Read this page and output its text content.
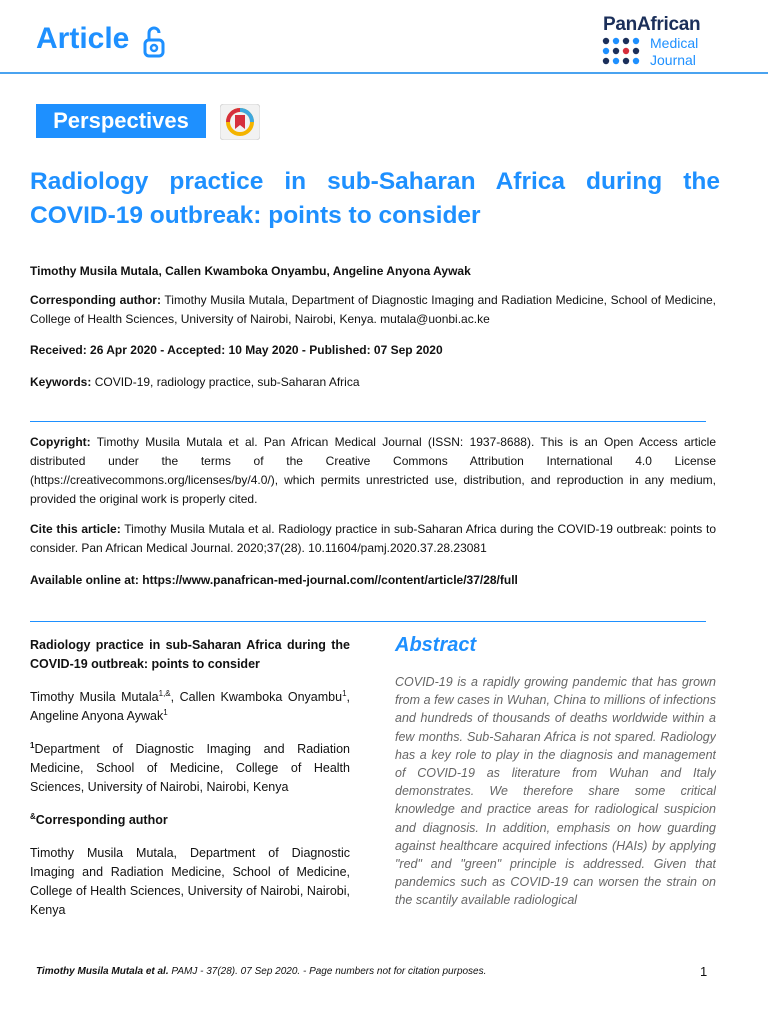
Article	PanAfrican
Medical
Journal
Perspectives
Radiology practice in sub-Saharan Africa during the COVID-19 outbreak: points to consider
Timothy Musila Mutala, Callen Kwamboka Onyambu, Angeline Anyona Aywak
Corresponding author: Timothy Musila Mutala, Department of Diagnostic Imaging and Radiation Medicine, School of Medicine, College of Health Sciences, University of Nairobi, Nairobi, Kenya. mutala@uonbi.ac.ke
Received: 26 Apr 2020 - Accepted: 10 May 2020 - Published: 07 Sep 2020
Keywords: COVID-19, radiology practice, sub-Saharan Africa
Copyright: Timothy Musila Mutala et al. Pan African Medical Journal (ISSN: 1937-8688). This is an Open Access article distributed under the terms of the Creative Commons Attribution International 4.0 License (https://creativecommons.org/licenses/by/4.0/), which permits unrestricted use, distribution, and reproduction in any medium, provided the original work is properly cited.
Cite this article: Timothy Musila Mutala et al. Radiology practice in sub-Saharan Africa during the COVID-19 outbreak: points to consider. Pan African Medical Journal. 2020;37(28). 10.11604/pamj.2020.37.28.23081
Available online at: https://www.panafrican-med-journal.com//content/article/37/28/full

Radiology practice in sub-Saharan Africa during the COVID-19 outbreak: points to consider

Timothy Musila Mutala$^{1,\&}$, Callen Kwamboka Onyambu$^1$, Angeline Anyona Aywak$^1$

$^1$Department of Diagnostic Imaging and Radiation Medicine, School of Medicine, College of Health Sciences, University of Nairobi, Nairobi, Kenya

&Corresponding author

Timothy Musila Mutala, Department of Diagnostic Imaging and Radiation Medicine, School of Medicine, College of Health Sciences, University of Nairobi, Nairobi, Kenya

Abstract
COVID-19 is a rapidly growing pandemic that has grown from a few cases in Wuhan, China to millions of infections and hundreds of thousands of deaths worldwide within a few months. Sub-Saharan Africa is not spared. Radiology has a key role to play in the diagnosis and management of COVID-19 as literature from Wuhan and Italy demonstrates. We therefore share some critical knowledge and practice areas for radiological suspicion and diagnosis. In addition, emphasis on how guarding against healthcare acquired infections (HAIs) by applying "red" and "green" principle is addressed. Given that pandemics such as COVID-19 can worsen the strain on the scantily available radiological
Timothy Musila Mutala et al. PAMJ - 37(28). 07 Sep 2020. - Page numbers not for citation purposes.	1
